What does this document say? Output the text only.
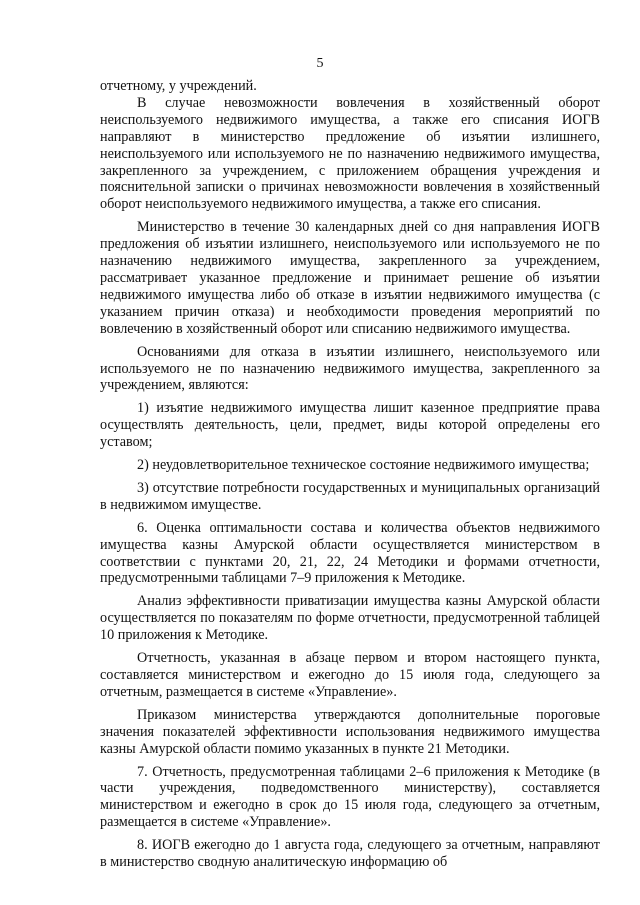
5

отчетному, у учреждений.

В случае невозможности вовлечения в хозяйственный оборот неиспользуемого недвижимого имущества, а также его списания ИОГВ направляют в министерство предложение об изъятии излишнего, неиспользуемого или используемого не по назначению недвижимого имущества, закрепленного за учреждением, с приложением обращения учреждения и пояснительной записки о причинах невозможности вовлечения в хозяйственный оборот неиспользуемого недвижимого имущества, а также его списания.

Министерство в течение 30 календарных дней со дня направления ИОГВ предложения об изъятии излишнего, неиспользуемого или используемого не по назначению недвижимого имущества, закрепленного за учреждением, рассматривает указанное предложение и принимает решение об изъятии недвижимого имущества либо об отказе в изъятии недвижимого имущества (с указанием причин отказа) и необходимости проведения мероприятий по вовлечению в хозяйственный оборот или списанию недвижимого имущества.

Основаниями для отказа в изъятии излишнего, неиспользуемого или используемого не по назначению недвижимого имущества, закрепленного за учреждением, являются:

1) изъятие недвижимого имущества лишит казенное предприятие права осуществлять деятельность, цели, предмет, виды которой определены его уставом;

2) неудовлетворительное техническое состояние недвижимого имущества;

3) отсутствие потребности государственных и муниципальных организаций в недвижимом имуществе.

6. Оценка оптимальности состава и количества объектов недвижимого имущества казны Амурской области осуществляется министерством в соответствии с пунктами 20, 21, 22, 24 Методики и формами отчетности, предусмотренными таблицами 7–9 приложения к Методике.

Анализ эффективности приватизации имущества казны Амурской области осуществляется по показателям по форме отчетности, предусмотренной таблицей 10 приложения к Методике.

Отчетность, указанная в абзаце первом и втором настоящего пункта, составляется министерством и ежегодно до 15 июля года, следующего за отчетным, размещается в системе «Управление».

Приказом министерства утверждаются дополнительные пороговые значения показателей эффективности использования недвижимого имущества казны Амурской области помимо указанных в пункте 21 Методики.

7. Отчетность, предусмотренная таблицами 2–6 приложения к Методике (в части учреждения, подведомственного министерству), составляется министерством и ежегодно в срок до 15 июля года, следующего за отчетным, размещается в системе «Управление».

8. ИОГВ ежегодно до 1 августа года, следующего за отчетным, направляют в министерство сводную аналитическую информацию об
